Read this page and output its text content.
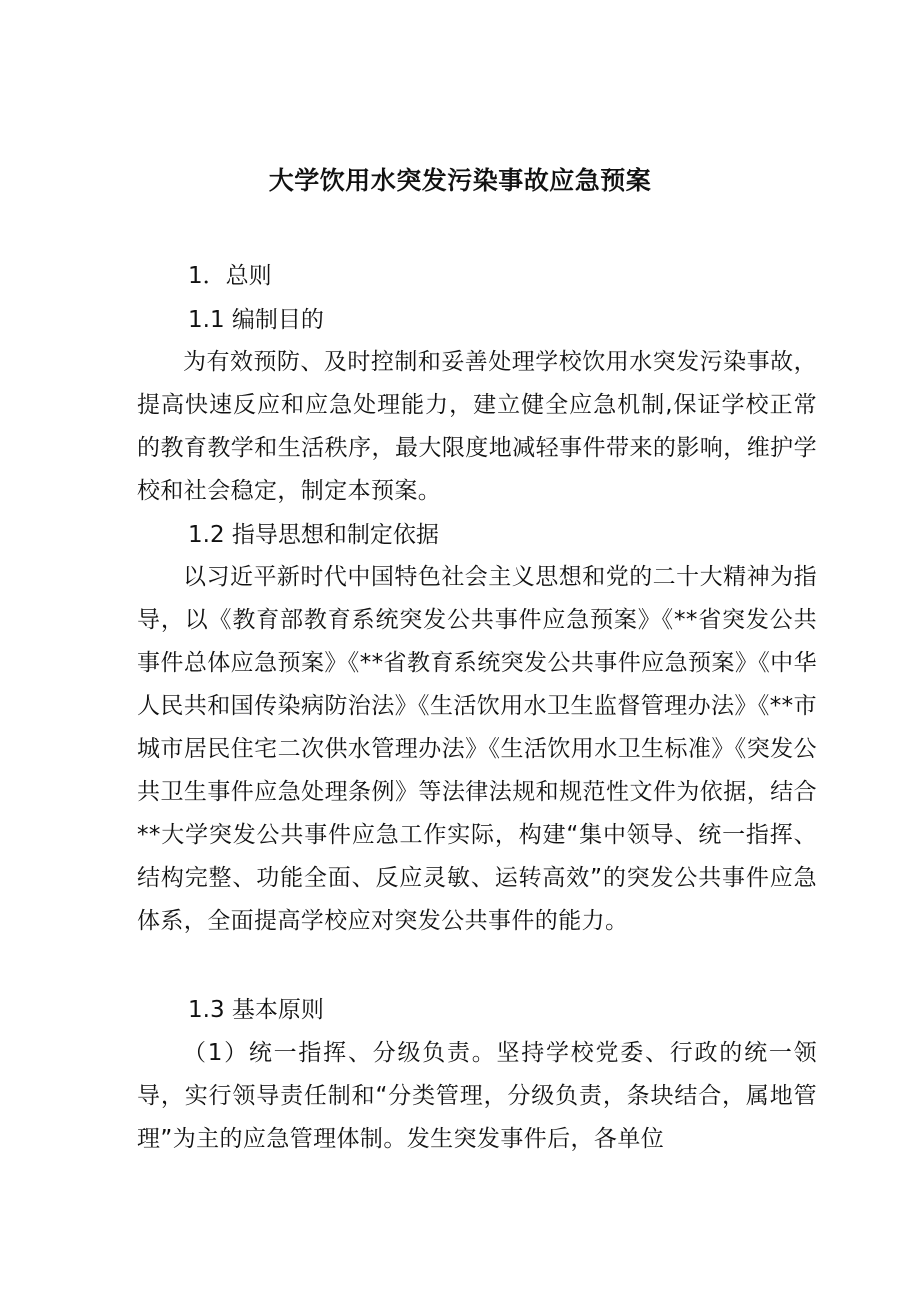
大学饮用水突发污染事故应急预案
1．总则
1.1 编制目的
为有效预防、及时控制和妥善处理学校饮用水突发污染事故，提高快速反应和应急处理能力，建立健全应急机制,保证学校正常的教育教学和生活秩序，最大限度地减轻事件带来的影响，维护学校和社会稳定，制定本预案。
1.2 指导思想和制定依据
以习近平新时代中国特色社会主义思想和党的二十大精神为指导，以《教育部教育系统突发公共事件应急预案》《**省突发公共事件总体应急预案》《**省教育系统突发公共事件应急预案》《中华人民共和国传染病防治法》《生活饮用水卫生监督管理办法》《**市城市居民住宅二次供水管理办法》《生活饮用水卫生标准》《突发公共卫生事件应急处理条例》等法律法规和规范性文件为依据，结合**大学突发公共事件应急工作实际，构建“集中领导、统一指挥、结构完整、功能全面、反应灵敏、运转高效”的突发公共事件应急体系，全面提高学校应对突发公共事件的能力。
1.3 基本原则
（1）统一指挥、分级负责。坚持学校党委、行政的统一领导，实行领导责任制和“分类管理，分级负责，条块结合，属地管理”为主的应急管理体制。发生突发事件后，各单位
